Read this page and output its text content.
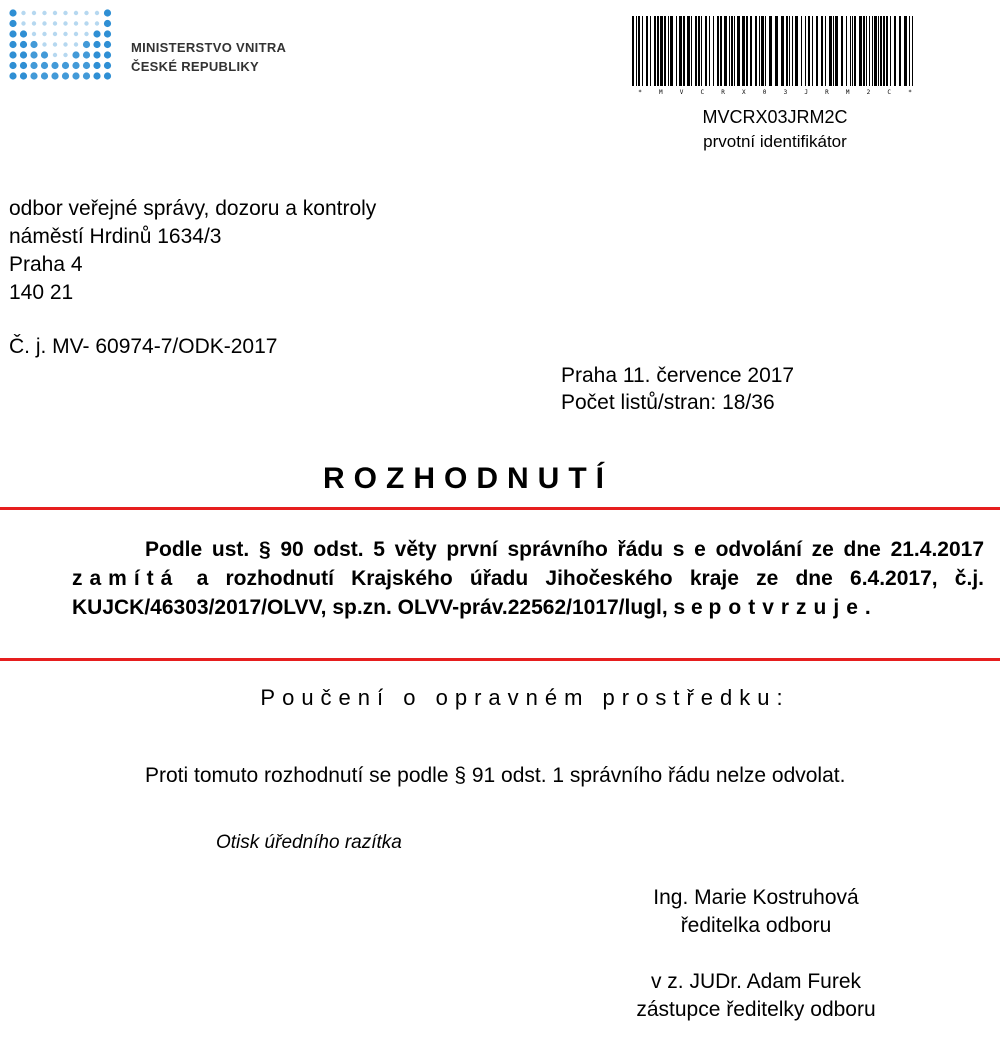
MINISTERSTVO VNITRA
ČESKÉ REPUBLIKY
*	M	V	C	R	X	0	3	J	R	M	2	C	*
MVCRX03JRM2C
prvotní identifikátor
odbor veřejné správy, dozoru a kontroly
náměstí Hrdinů 1634/3
Praha 4
140 21
Č. j. MV- 60974-7/ODK-2017
Praha 11. července 2017
Počet listů/stran: 18/36
ROZHODNUTÍ
Podle ust. § 90 odst. 5 věty první správního řádu s e odvolání ze dne 21.4.2017 zamítá a rozhodnutí Krajského úřadu Jihočeského kraje ze dne 6.4.2017, č.j. KUJCK/46303/2017/OLVV, sp.zn. OLVV-práv.22562/1017/lugl, s e potvrzuje.
Poučení o opravném prostředku:
Proti tomuto rozhodnutí se podle § 91 odst. 1 správního řádu nelze odvolat.
Otisk úředního razítka
Ing. Marie Kostruhová
ředitelka odboru
v z. JUDr. Adam Furek
zástupce ředitelky odboru
